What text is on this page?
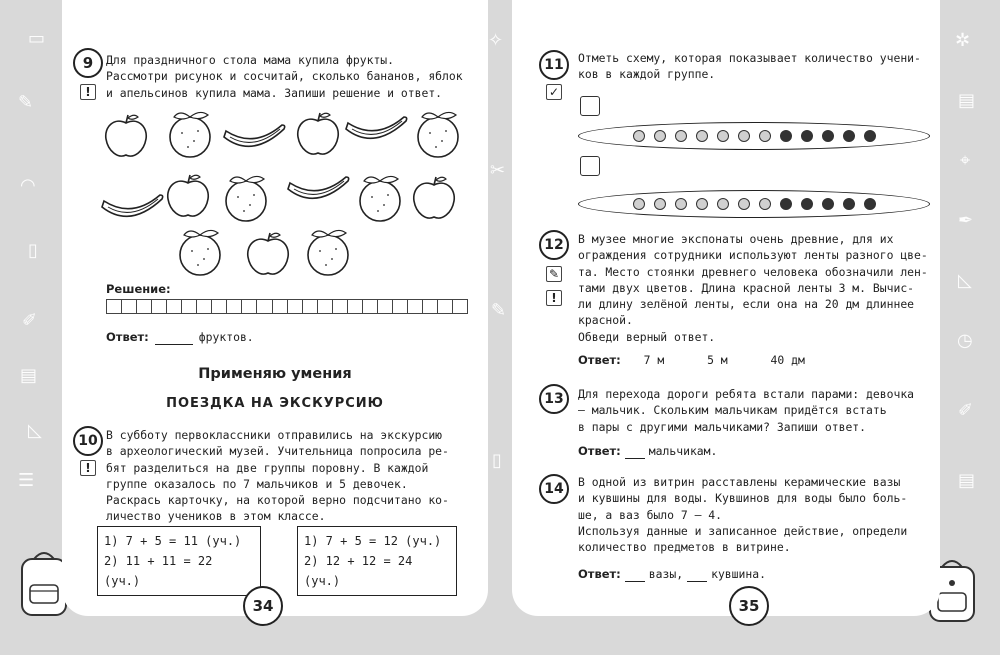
▭
✎
◠
▯
✐
▤
◺
☰
✧
✂
✎
▯
✲
▤
⌖
✒
◺
◷
✐
▤
9
!
Для праздничного стола мама купила фрукты.
Рассмотри рисунок и сосчитай, сколько бананов, яблок
и апельсинов купила мама. Запиши решение и ответ.
Решение:
Ответ:	фруктов.
Применяю умения
ПОЕЗДКА НА ЭКСКУРСИЮ
10
!
В субботу первоклассники отправились на экскурсию
в археологический музей. Учительница попросила ре-
бят разделиться на две группы поровну. В каждой
группе оказалось по 7 мальчиков и 5 девочек.
Раскрась карточку, на которой верно подсчитано ко-
личество учеников в этом классе.
1) 7 + 5 = 11 (уч.)
2) 11 + 11 = 22 (уч.)
1) 7 + 5 = 12 (уч.)
2) 12 + 12 = 24 (уч.)
34
11
✓
Отметь схему, которая показывает количество учени-
ков в каждой группе.
12
✎
!
В музее многие экспонаты очень древние, для их
ограждения сотрудники используют ленты разного цве-
та. Место стоянки древнего человека обозначили лен-
тами двух цветов. Длина красной ленты 3 м. Вычис-
ли длину зелёной ленты, если она на 20 дм длиннее
красной.
Обведи верный ответ.
Ответ: 7 м	5 м	40 дм
13	Для перехода дороги ребята встали парами: девочка
— мальчик. Скольким мальчикам придётся встать
в пары с другими мальчиками? Запиши ответ.
Ответ: мальчикам.
14	В одной из витрин расставлены керамические вазы
и кувшины для воды. Кувшинов для воды было боль-
ше, а ваз было 7 — 4.
Используя данные и записанное действие, определи
количество предметов в витрине.
Ответ: вазы, кувшина.
35
